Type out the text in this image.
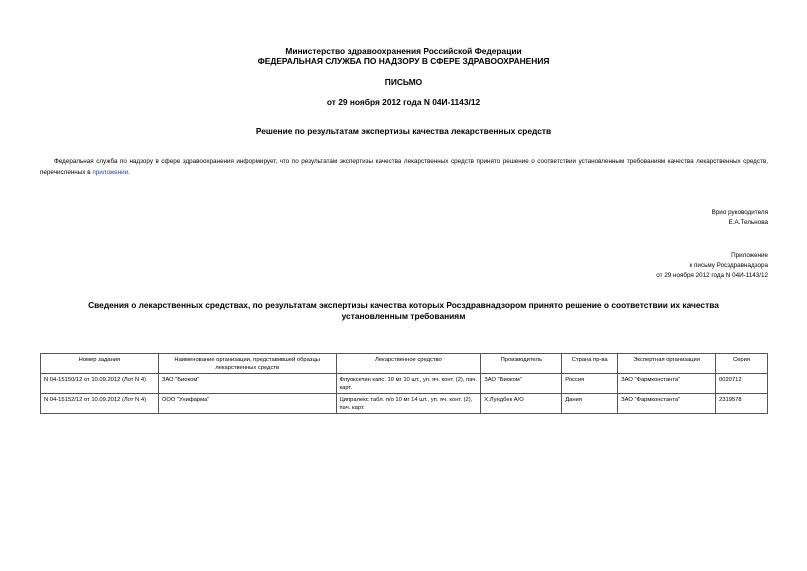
Министерство здравоохранения Российской Федерации
ФЕДЕРАЛЬНАЯ СЛУЖБА ПО НАДЗОРУ В СФЕРЕ ЗДРАВООХРАНЕНИЯ
ПИСЬМО
от 29 ноября 2012 года N 04И-1143/12
Решение по результатам экспертизы качества лекарственных средств
Федеральная служба по надзору в сфере здравоохранения информирует, что по результатам экспертизы качества лекарственных средств принято решение о соответствии установленным требованиям качества лекарственных средств, перечисленных в приложении.
Врио руководителя
Е.А.Тельнова
Приложение
к письму Росздравнадзора
от 29 ноября 2012 года N 04И-1143/12
Сведения о лекарственных средствах, по результатам экспертизы качества которых Росздравнадзором принято решение о соответствии их качества установленным требованиям
Номер задания	Наименование организации, представившей образцы лекарственных средств	Лекарственное средство	Производитель	Страна пр-ва	Экспертная организация	Серия
N 04-15150/12 от 10.09.2012 (Лот N 4)	ЗАО "Биоком"	Флуоксетин капс. 10 мг 10 шт., уп. яч. конт. (2), пач. карт.	ЗАО "Биоком"	Россия	ЗАО "Фармконстанта"	0020712
N 04-15152/12 от 10.09.2012 (Лот N 4)	ООО "Унифарма"	Ципралекс табл. п/о 10 мг 14 шт., уп. яч. конт. (2), пач. карт.	Х.Лундбек А/О	Дания	ЗАО "Фармконстанта"	2319578
